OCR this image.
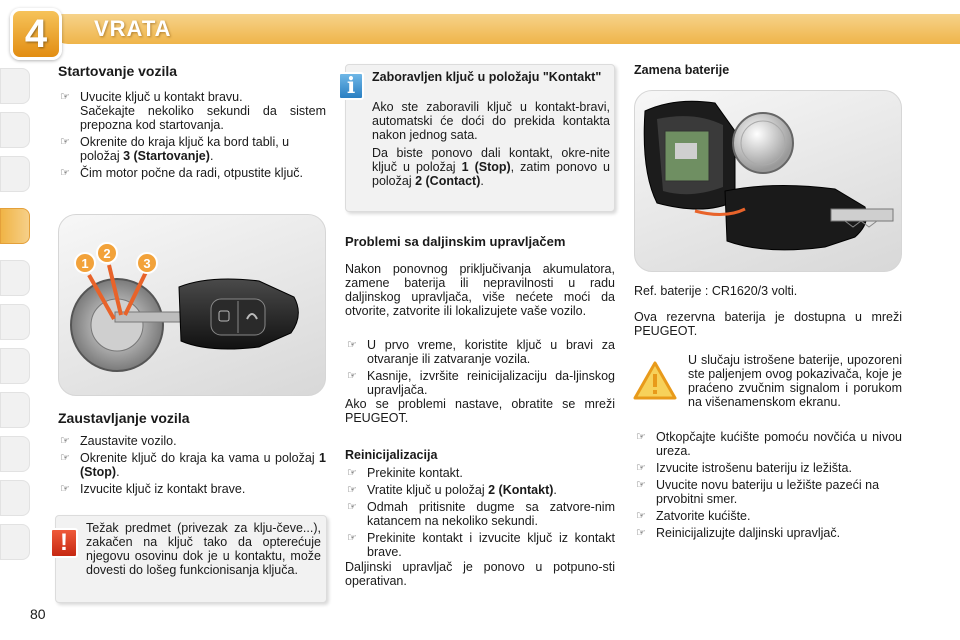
4	VRATA
Startovanje vozila
☞ Uvucite ključ u kontakt bravu.

Sačekajte nekoliko sekundi da sistem prepozna kod startovanja.
☞ Okrenite do kraja ključ ka bord tabli, u položaj 3 (Startovanje).
☞ Čim motor počne da radi, otpustite ključ.
1
2
3
Zaustavljanje vozila
☞ Zaustavite vozilo.
☞ Okrenite ključ do kraja ka vama u položaj 1 (Stop).
☞ Izvucite ključ iz kontakt brave.
!
Težak predmet (privezak za klju-čeve...), zakačen na ključ tako da opterećuje njegovu osovinu dok je u kontaktu, može dovesti do lošeg funkcionisanja ključa.
i	Zaboravljen ključ u položaju "Kontakt"
Ako ste zaboravili ključ u kontakt-bravi, automatski će doći do prekida kontakta nakon jednog sata.
Da biste ponovo dali kontakt, okre-nite ključ u položaj 1 (Stop), zatim ponovo u položaj 2 (Contact).
Problemi sa daljinskim upravljačem
Nakon ponovnog priključivanja akumulatora, zamene baterija ili nepravilnosti u radu daljinskog upravljača, više nećete moći da otvorite, zatvorite ili lokalizujete vaše vozilo.
☞ U prvo vreme, koristite ključ u bravi za otvaranje ili zatvaranje vozila.
☞ Kasnije, izvršite reinicijalizaciju da-ljinskog upravljača.
Ako se problemi nastave, obratite se mreži PEUGEOT.
Reinicijalizacija
☞ Prekinite kontakt.
☞ Vratite ključ u položaj 2 (Kontakt).
☞ Odmah pritisnite dugme sa zatvore-nim katancem na nekoliko sekundi.
☞ Prekinite kontakt i izvucite ključ iz kontakt brave.
Daljinski upravljač je ponovo u potpuno-sti operativan.
Zamena baterije
Ref. baterije : CR1620/3 volti.
Ova rezervna baterija je dostupna u mreži PEUGEOT.
U slučaju istrošene baterije, upozoreni ste paljenjem ovog pokazivača, koje je praćeno zvučnim signalom i porukom na višenamenskom ekranu.
☞ Otkopčajte kućište pomoću novčića u nivou ureza.
☞ Izvucite istrošenu bateriju iz ležišta.
☞ Uvucite novu bateriju u ležište pazeći na prvobitni smer.
☞ Zatvorite kućište.
☞ Reinicijalizujte daljinski upravljač.
80
